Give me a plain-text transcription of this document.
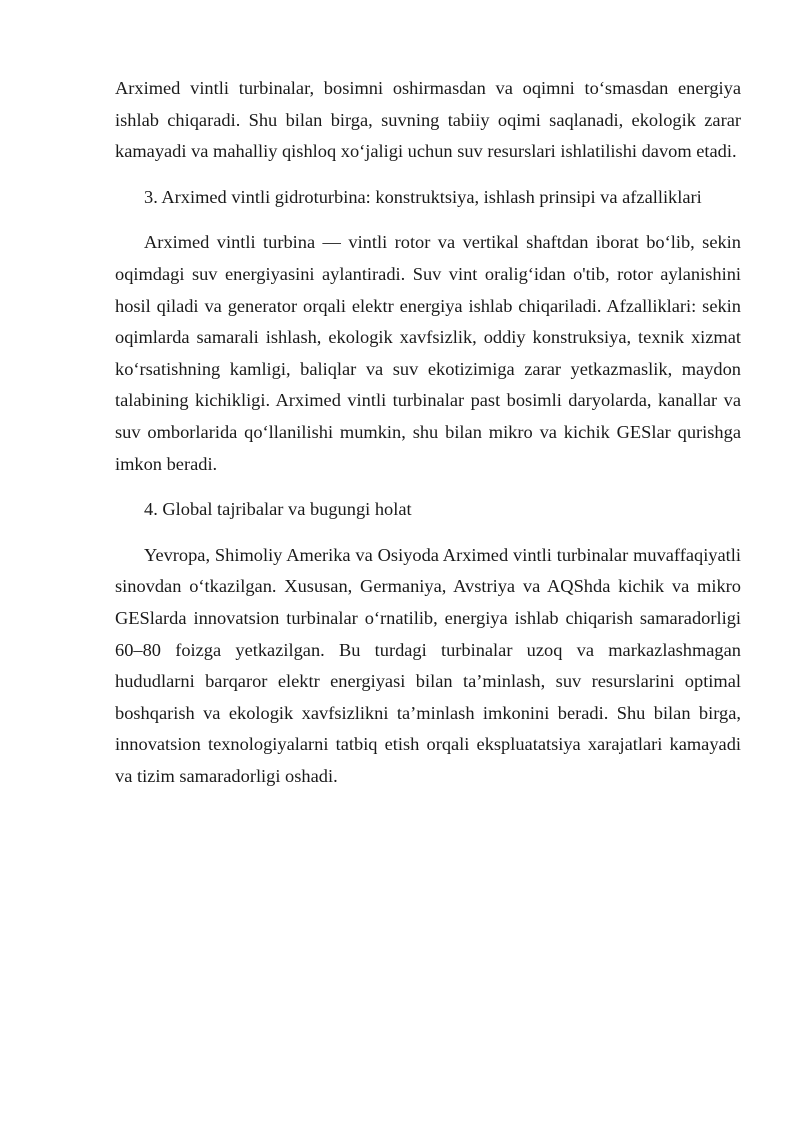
Arximed vintli turbinalar, bosimni oshirmasdan va oqimni to‘smasdan energiya ishlab chiqaradi. Shu bilan birga, suvning tabiiy oqimi saqlanadi, ekologik zarar kamayadi va mahalliy qishloq xo‘jaligi uchun suv resurslari ishlatilishi davom etadi.

3. Arximed vintli gidroturbina: konstruktsiya, ishlash prinsipi va afzalliklari

Arximed vintli turbina — vintli rotor va vertikal shaftdan iborat bo‘lib, sekin oqimdagi suv energiyasini aylantiradi. Suv vint oralig‘idan o'tib, rotor aylanishini hosil qiladi va generator orqali elektr energiya ishlab chiqariladi. Afzalliklari: sekin oqimlarda samarali ishlash, ekologik xavfsizlik, oddiy konstruksiya, texnik xizmat ko‘rsatishning kamligi, baliqlar va suv ekotizimiga zarar yetkazmaslik, maydon talabining kichikligi. Arximed vintli turbinalar past bosimli daryolarda, kanallar va suv omborlarida qo‘llanilishi mumkin, shu bilan mikro va kichik GESlar qurishga imkon beradi.

4. Global tajribalar va bugungi holat

Yevropa, Shimoliy Amerika va Osiyoda Arximed vintli turbinalar muvaffaqiyatli sinovdan o‘tkazilgan. Xususan, Germaniya, Avstriya va AQShda kichik va mikro GESlarda innovatsion turbinalar o‘rnatilib, energiya ishlab chiqarish samaradorligi 60–80 foizga yetkazilgan. Bu turdagi turbinalar uzoq va markazlashmagan hududlarni barqaror elektr energiyasi bilan ta’minlash, suv resurslarini optimal boshqarish va ekologik xavfsizlikni ta’minlash imkonini beradi. Shu bilan birga, innovatsion texnologiyalarni tatbiq etish orqali ekspluatatsiya xarajatlari kamayadi va tizim samaradorligi oshadi.
